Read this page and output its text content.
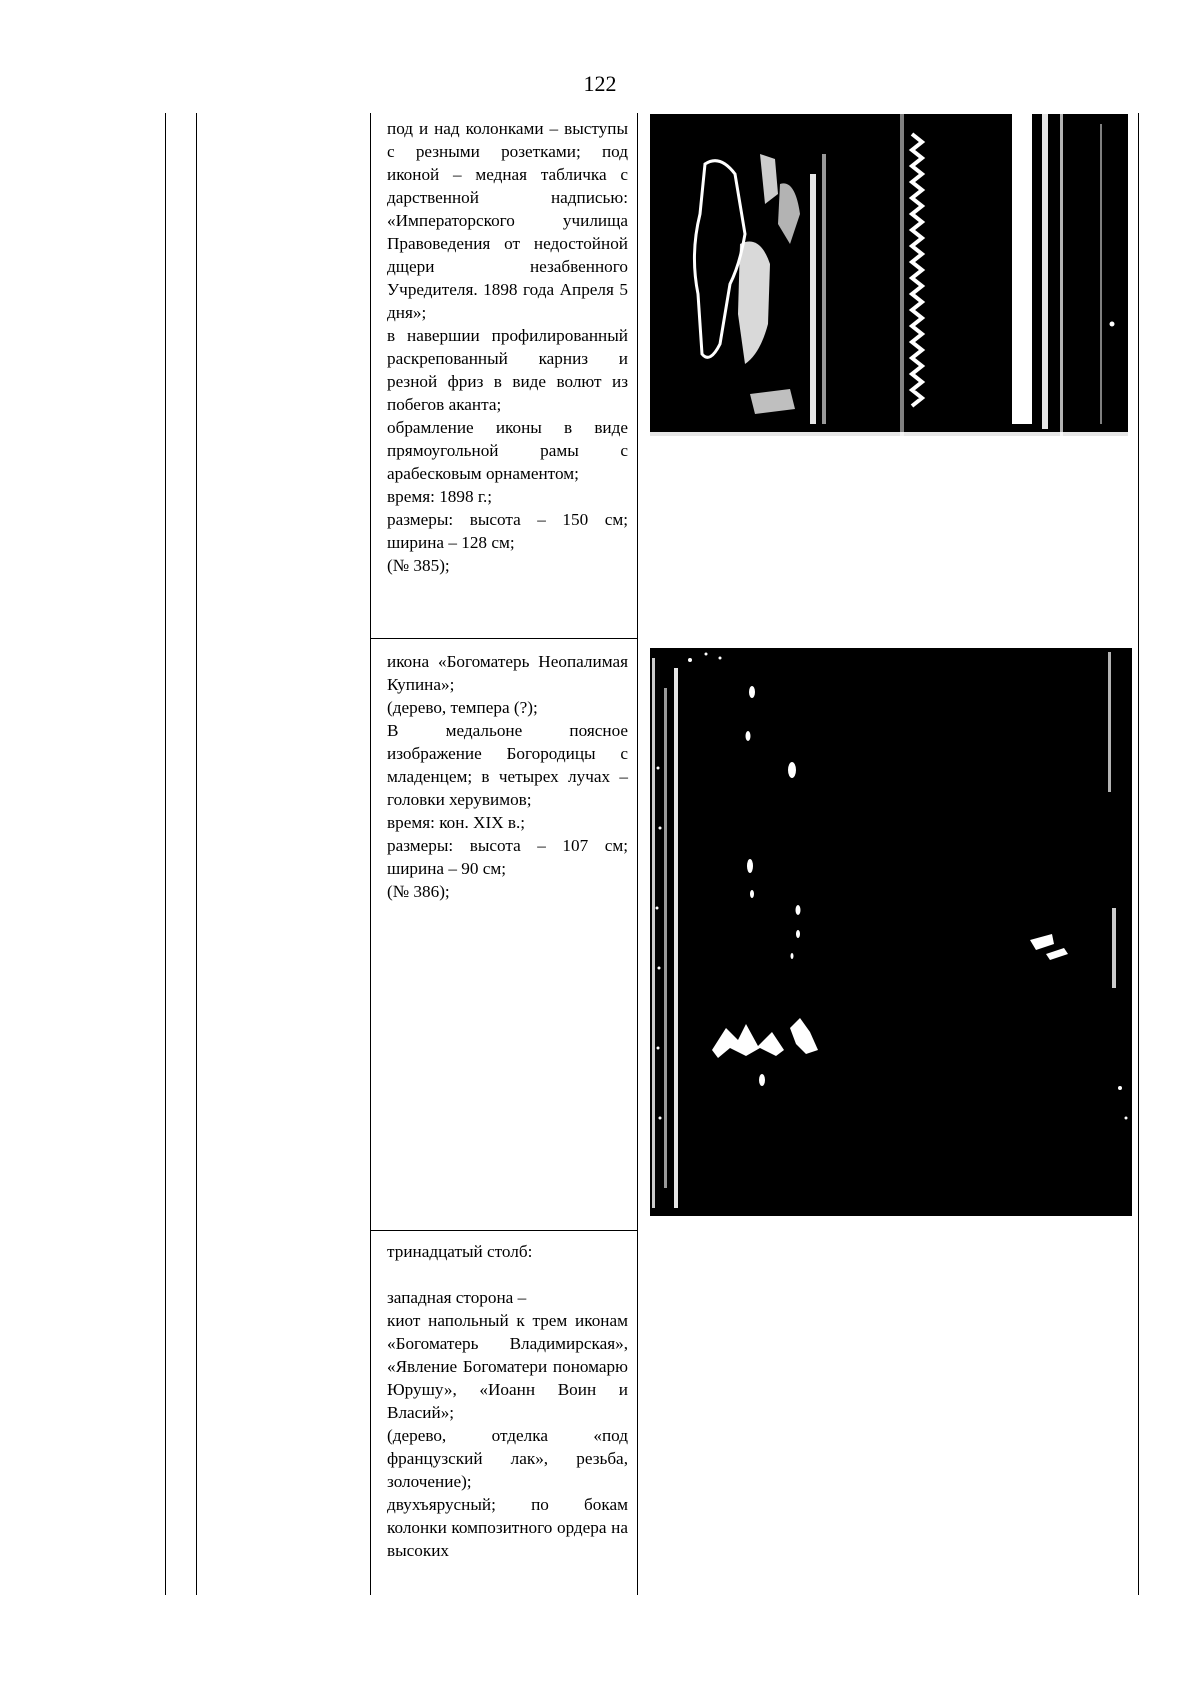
122

под и над колонками – выступы с резными розетками; под иконой – медная табличка с дарственной надписью: «Императорского училища Правоведения от недостойной дщери незабвенного Учредителя. 1898 года Апреля 5 дня»;

в навершии профилированный раскрепованный карниз и резной фриз в виде волют из побегов аканта;

обрамление иконы в виде прямоугольной рамы с арабесковым орнаментом;

время: 1898 г.;

размеры: высота – 150 см; ширина – 128 см;

(№ 385);

икона «Богоматерь Неопалимая Купина»;

(дерево, темпера (?);

В медальоне поясное изображение Богородицы с младенцем; в четырех лучах – головки херувимов;

время: кон. XIX в.;

размеры: высота – 107 см; ширина – 90 см;

(№ 386);

тринадцатый столб:

западная сторона –

киот напольный к трем иконам «Богоматерь Владимирская», «Явление Богоматери пономарю Юрушу», «Иоанн Воин и Власий»;

(дерево, отделка «под французский лак», резьба, золочение);

двухъярусный; по бокам колонки композитного ордера на высоких
